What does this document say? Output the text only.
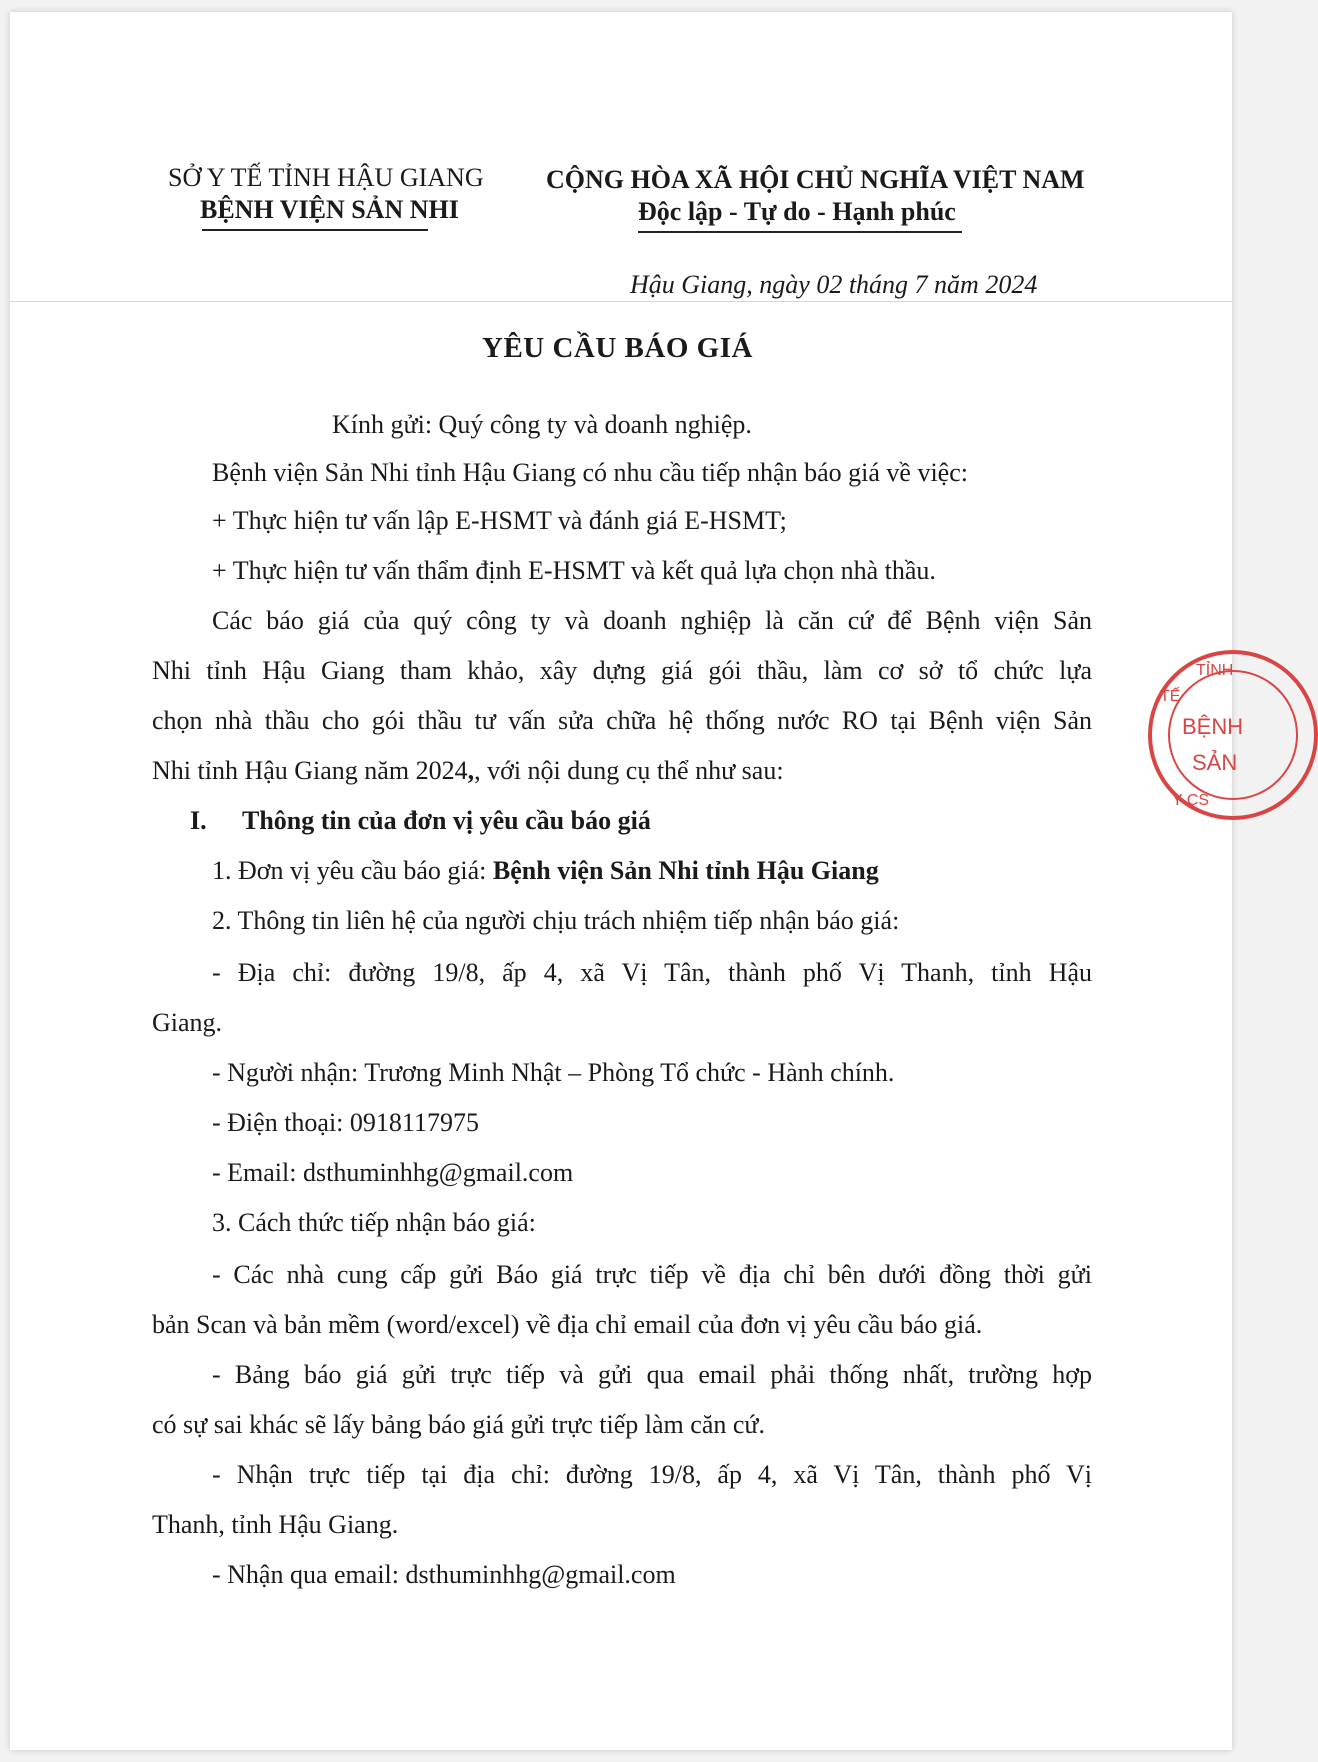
SỞ Y TẾ TỈNH HẬU GIANG
BỆNH VIỆN SẢN NHI
CỘNG HÒA XÃ HỘI CHỦ NGHĨA VIỆT NAM
Độc lập - Tự do - Hạnh phúc
Hậu Giang, ngày 02 tháng 7 năm 2024
YÊU CẦU BÁO GIÁ
Kính gửi: Quý công ty và doanh nghiệp.
Bệnh viện Sản Nhi tỉnh Hậu Giang có nhu cầu tiếp nhận báo giá về việc:
+ Thực hiện tư vấn lập E-HSMT và đánh giá E-HSMT;
+ Thực hiện tư vấn thẩm định E-HSMT và kết quả lựa chọn nhà thầu.
Các báo giá của quý công ty và doanh nghiệp là căn cứ để Bệnh viện Sản
Nhi tỉnh Hậu Giang tham khảo, xây dựng giá gói thầu, làm cơ sở tổ chức lựa
chọn nhà thầu cho gói thầu tư vấn sửa chữa hệ thống nước RO tại Bệnh viện Sản
Nhi tỉnh Hậu Giang năm 2024,, với nội dung cụ thể như sau:
I. Thông tin của đơn vị yêu cầu báo giá
1. Đơn vị yêu cầu báo giá: Bệnh viện Sản Nhi tỉnh Hậu Giang
2. Thông tin liên hệ của người chịu trách nhiệm tiếp nhận báo giá:
- Địa chỉ: đường 19/8, ấp 4, xã Vị Tân, thành phố Vị Thanh, tỉnh Hậu
Giang.
- Người nhận: Trương Minh Nhật – Phòng Tổ chức - Hành chính.
- Điện thoại: 0918117975
- Email: dsthuminhhg@gmail.com
3. Cách thức tiếp nhận báo giá:
- Các nhà cung cấp gửi Báo giá trực tiếp về địa chỉ bên dưới đồng thời gửi
bản Scan và bản mềm (word/excel) về địa chỉ email của đơn vị yêu cầu báo giá.
- Bảng báo giá gửi trực tiếp và gửi qua email phải thống nhất, trường hợp
có sự sai khác sẽ lấy bảng báo giá gửi trực tiếp làm căn cứ.
- Nhận trực tiếp tại địa chỉ: đường 19/8, ấp 4, xã Vị Tân, thành phố Vị
Thanh, tỉnh Hậu Giang.
- Nhận qua email: dsthuminhhg@gmail.com
TỈNH
TẾ
BỆNH
SẢN
Y CS
